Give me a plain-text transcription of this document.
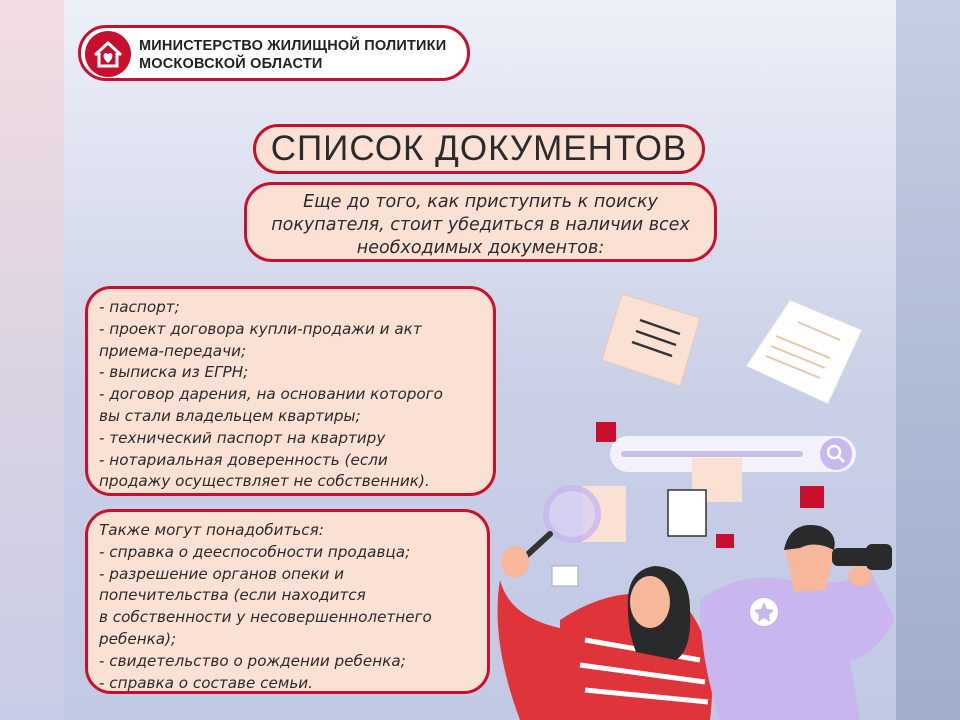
МИНИСТЕРСТВО ЖИЛИЩНОЙ ПОЛИТИКИ
МОСКОВСКОЙ ОБЛАСТИ
СПИСОК ДОКУМЕНТОВ
Еще до того, как приступить к поиску
покупателя, стоит убедиться в наличии всех
необходимых документов:
- паспорт;
- проект договора купли-продажи и акт
приема-передачи;
- выписка из ЕГРН;
- договор дарения, на основании которого
вы стали владельцем квартиры;
- технический паспорт на квартиру
- нотариальная доверенность (если
продажу осуществляет не собственник).
Также могут понадобиться:
- справка о дееспособности продавца;
- разрешение органов опеки и
попечительства (если находится
в собственности у несовершеннолетнего
ребенка);
- свидетельство о рождении ребенка;
- справка о составе семьи.
